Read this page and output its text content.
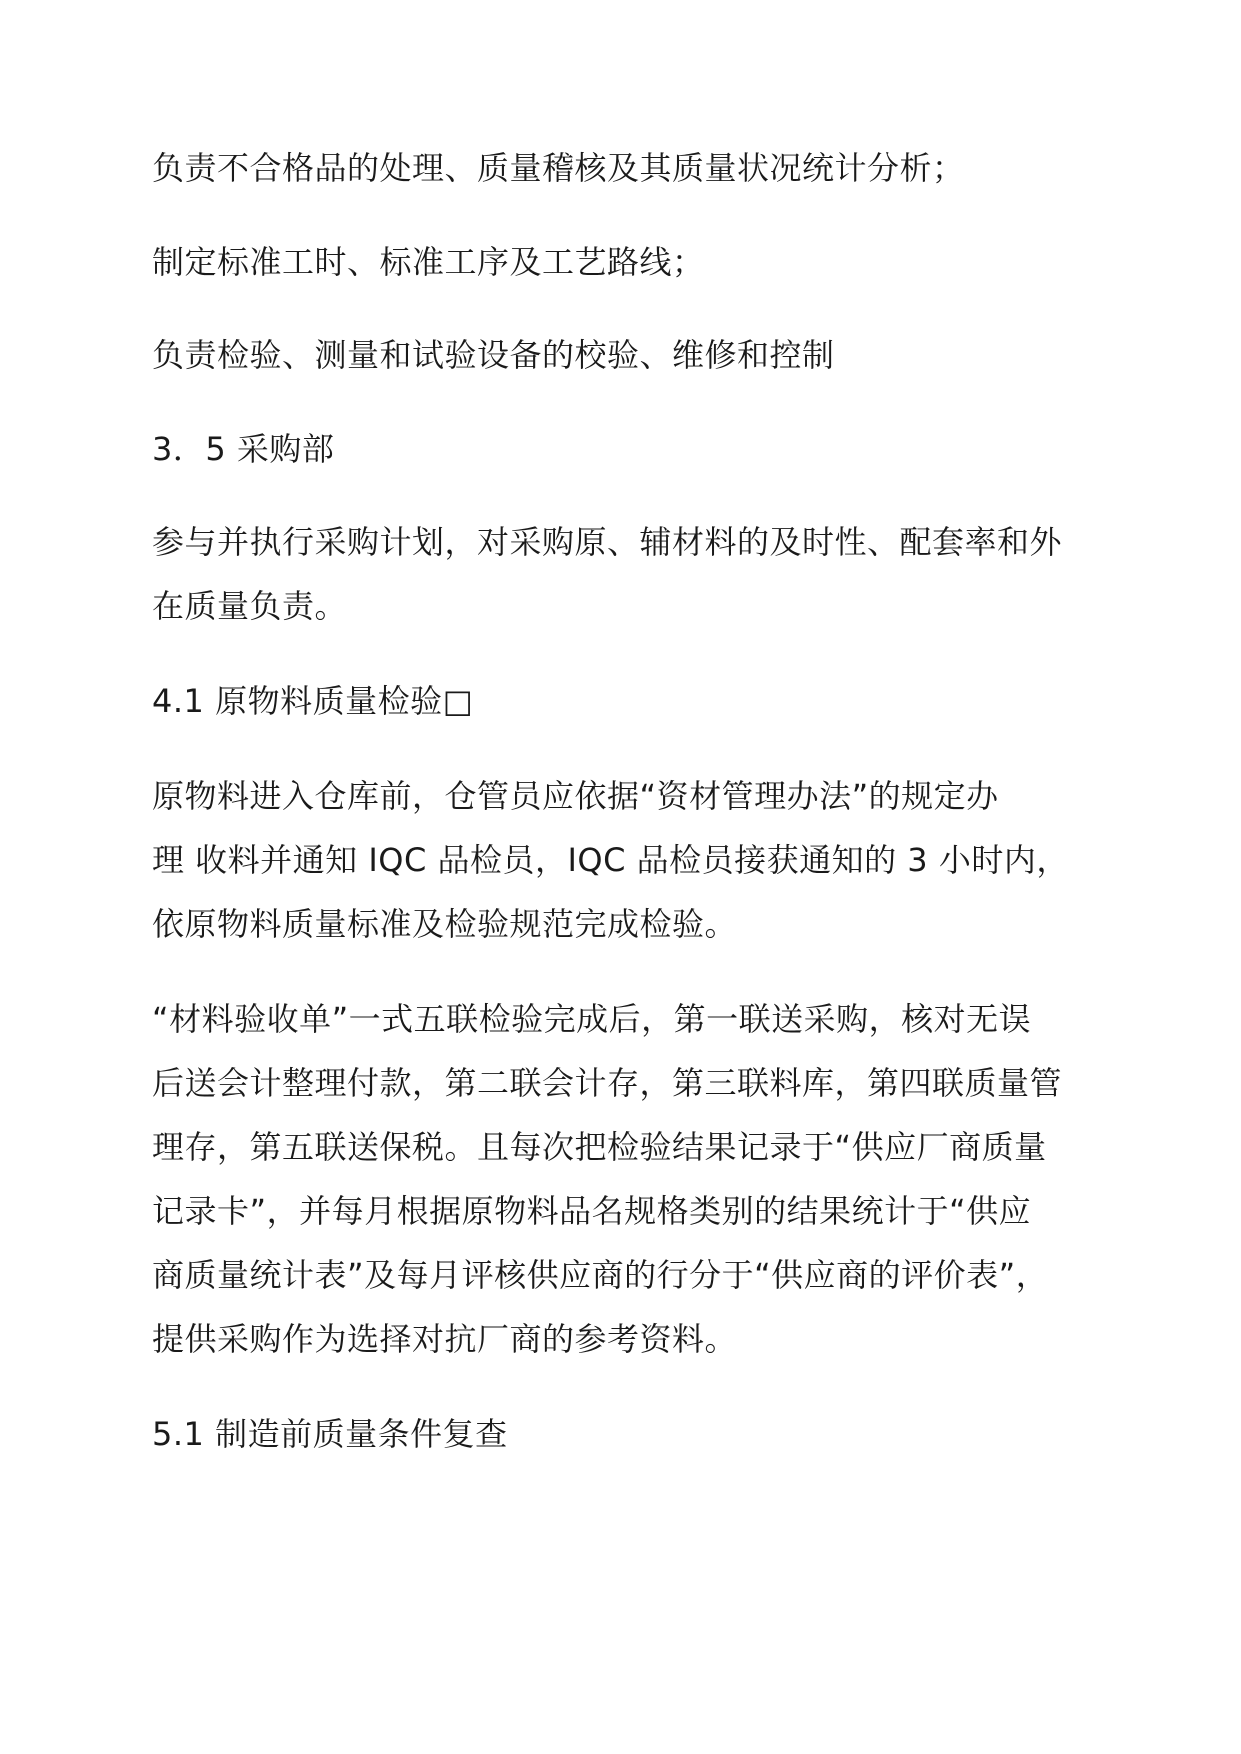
负责不合格品的处理、质量稽核及其质量状况统计分析；

制定标准工时、标准工序及工艺路线；

负责检验、测量和试验设备的校验、维修和控制

3．5 采购部

参与并执行采购计划，对采购原、辅材料的及时性、配套率和外

在质量负责。

4.1 原物料质量检验□

原物料进入仓库前，仓管员应依据“资材管理办法”的规定办

理 收料并通知 IQC 品检员，IQC 品检员接获通知的 3 小时内，

依原物料质量标准及检验规范完成检验。

“材料验收单”一式五联检验完成后，第一联送采购，核对无误

后送会计整理付款，第二联会计存，第三联料库，第四联质量管

理存，第五联送保税。且每次把检验结果记录于“供应厂商质量

记录卡”，并每月根据原物料品名规格类别的结果统计于“供应

商质量统计表”及每月评核供应商的行分于“供应商的评价表”，

提供采购作为选择对抗厂商的参考资料。

5.1 制造前质量条件复查
